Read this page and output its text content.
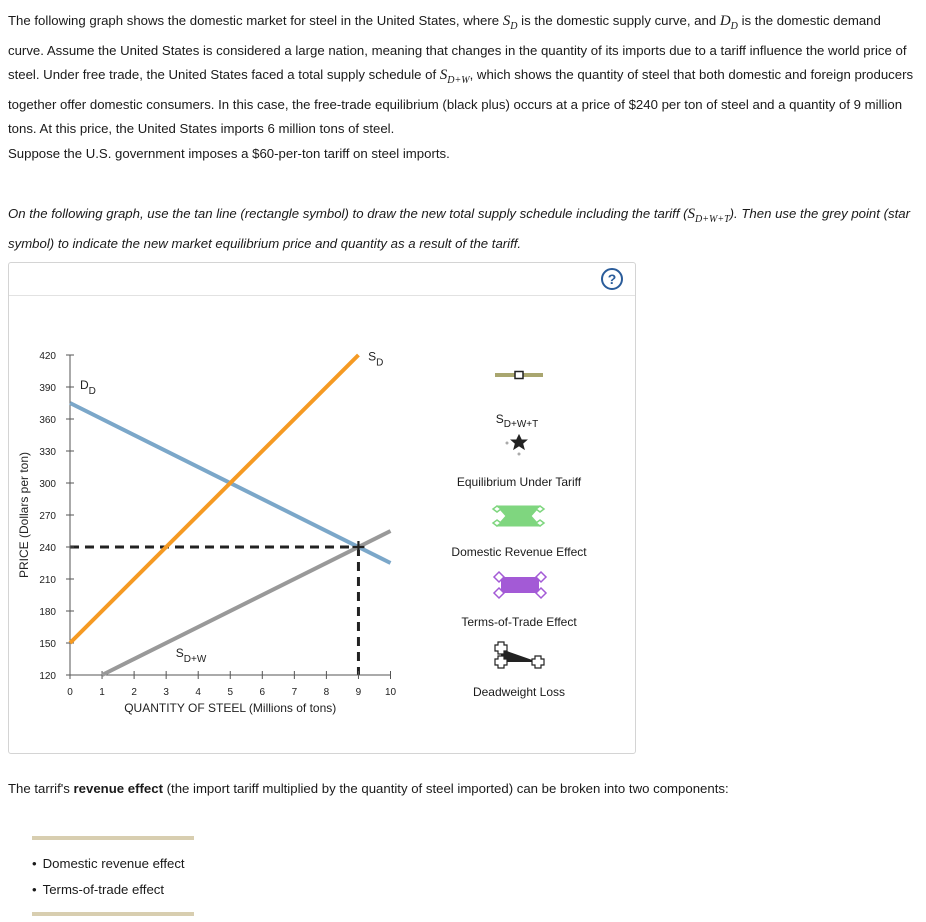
The following graph shows the domestic market for steel in the United States, where $S_D$ is the domestic supply curve, and $D_D$ is the domestic demand curve. Assume the United States is considered a large nation, meaning that changes in the quantity of its imports due to a tariff influence the world price of steel. Under free trade, the United States faced a total supply schedule of $S_{D+W}$, which shows the quantity of steel that both domestic and foreign producers together offer domestic consumers. In this case, the free-trade equilibrium (black plus) occurs at a price of $240 per ton of steel and a quantity of 9 million tons. At this price, the United States imports 6 million tons of steel.

Suppose the U.S. government imposes a $60-per-ton tariff on steel imports.

On the following graph, use the tan line (rectangle symbol) to draw the new total supply schedule including the tariff $(S_{D+W+T})$. Then use the grey point (star symbol) to indicate the new market equilibrium price and quantity as a result of the tariff.

?
120
150
180
210
240
270
300
330
360
390
420
0	1	2	3	4	5	6	7	8	9 10
QUANTITY OF STEEL (Millions of tons)
PRICE (Dollars per ton)
$D_D$
$S_D$
$S_{D+W}$
$S_{D+W+T}$
Equilibrium Under Tariff
Domestic Revenue Effect
Terms-of-Trade Effect
Deadweight Loss

The tarrif's revenue effect (the import tariff multiplied by the quantity of steel imported) can be broken into two components:

• Domestic revenue effect
• Terms-of-trade effect
